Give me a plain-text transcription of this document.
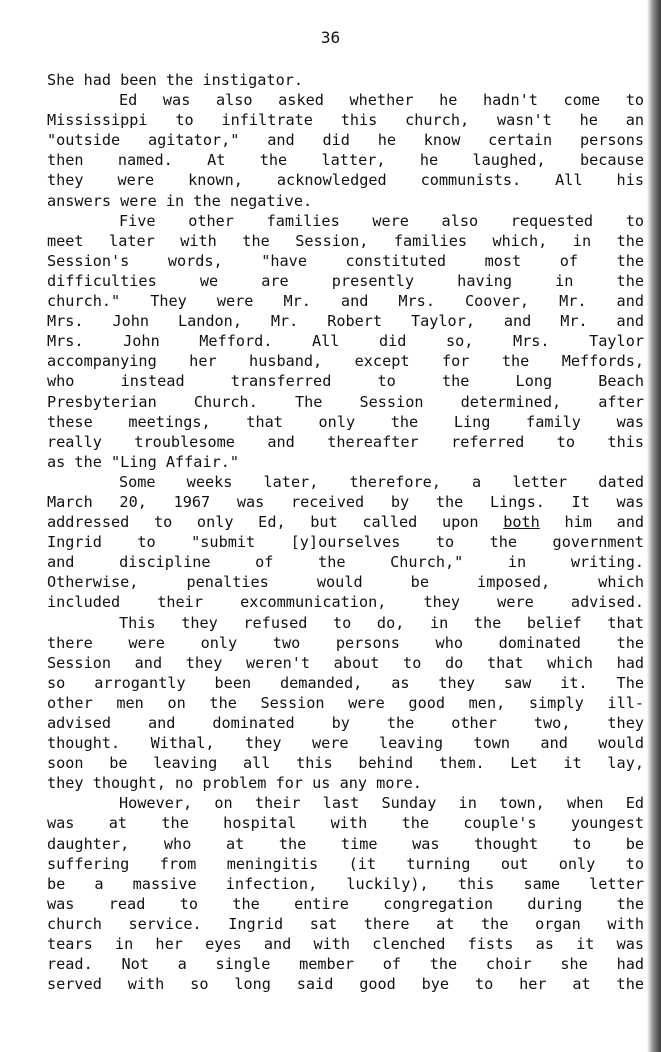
36
She had been the instigator.
Ed was also asked whether he hadn't come to
Mississippi to infiltrate this church, wasn't he an
"outside agitator," and did he know certain persons
then named. At the latter, he laughed, because
they were known, acknowledged communists. All his
answers were in the negative.
Five other families were also requested to
meet later with the Session, families which, in the
Session's words, "have constituted most of the
difficulties we are presently having in the
church." They were Mr. and Mrs. Coover, Mr. and
Mrs. John Landon, Mr. Robert Taylor, and Mr. and
Mrs. John Mefford. All did so, Mrs. Taylor
accompanying her husband, except for the Meffords,
who instead transferred to the Long Beach
Presbyterian Church. The Session determined, after
these meetings, that only the Ling family was
really troublesome and thereafter referred to this
as the "Ling Affair."
Some weeks later, therefore, a letter dated
March 20, 1967 was received by the Lings. It was
addressed to only Ed, but called upon both him and
Ingrid to "submit [y]ourselves to the government
and discipline of the Church," in writing.
Otherwise, penalties would be imposed, which
included their excommunication, they were advised.
This they refused to do, in the belief that
there were only two persons who dominated the
Session and they weren't about to do that which had
so arrogantly been demanded, as they saw it. The
other men on the Session were good men, simply ill-
advised and dominated by the other two, they
thought. Withal, they were leaving town and would
soon be leaving all this behind them. Let it lay,
they thought, no problem for us any more.
However, on their last Sunday in town, when Ed
was at the hospital with the couple's youngest
daughter, who at the time was thought to be
suffering from meningitis (it turning out only to
be a massive infection, luckily), this same letter
was read to the entire congregation during the
church service. Ingrid sat there at the organ with
tears in her eyes and with clenched fists as it was
read. Not a single member of the choir she had
served with so long said good bye to her at the
